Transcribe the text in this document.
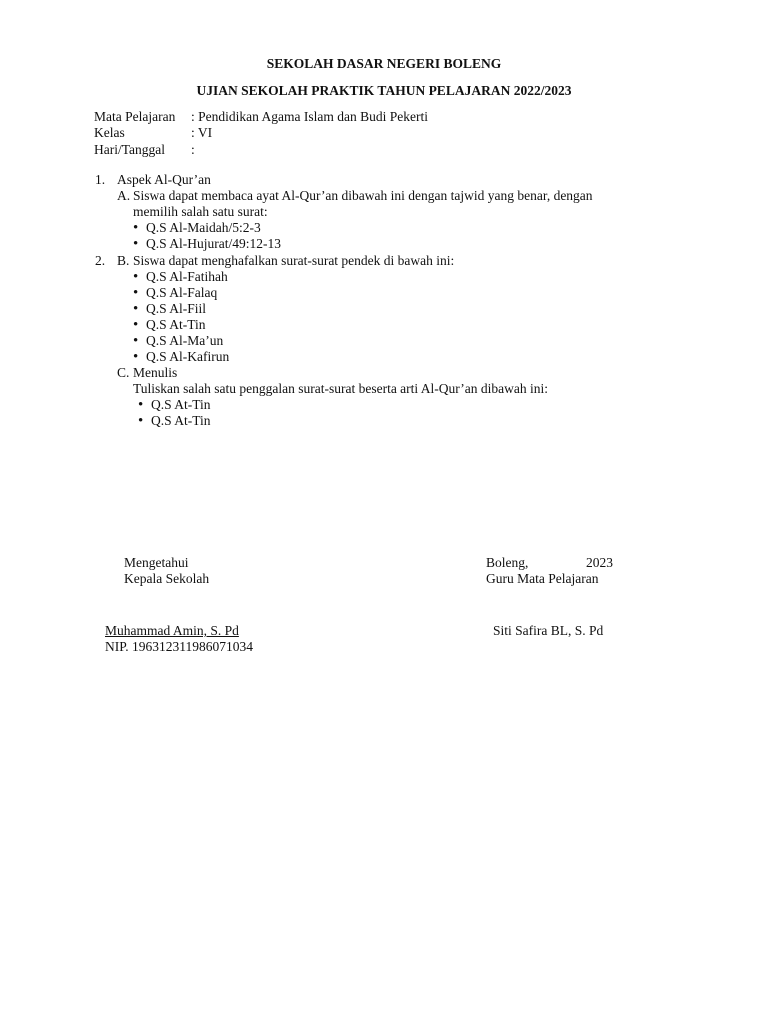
SEKOLAH DASAR NEGERI BOLENG
UJIAN SEKOLAH PRAKTIK TAHUN PELAJARAN 2022/2023
Mata Pelajaran : Pendidikan Agama Islam dan Budi Pekerti
Kelas	: VI
Hari/Tanggal :
1. Aspek Al-Qur’an
A. Siswa dapat membaca ayat Al-Qur’an dibawah ini dengan tajwid yang benar, dengan
memilih salah satu surat:
• Q.S Al-Maidah/5:2-3
• Q.S Al-Hujurat/49:12-13
2. B. Siswa dapat menghafalkan surat-surat pendek di bawah ini:
• Q.S Al-Fatihah
• Q.S Al-Falaq
• Q.S Al-Fiil
• Q.S At-Tin
• Q.S Al-Ma’un
• Q.S Al-Kafirun
C. Menulis
Tuliskan salah satu penggalan surat-surat beserta arti Al-Qur’an dibawah ini:
• Q.S At-Tin
• Q.S At-Tin
Mengetahui
Kepala Sekolah
Muhammad Amin, S. Pd
NIP. 196312311986071034
Boleng,	2023
Guru Mata Pelajaran
Siti Safira BL, S. Pd
